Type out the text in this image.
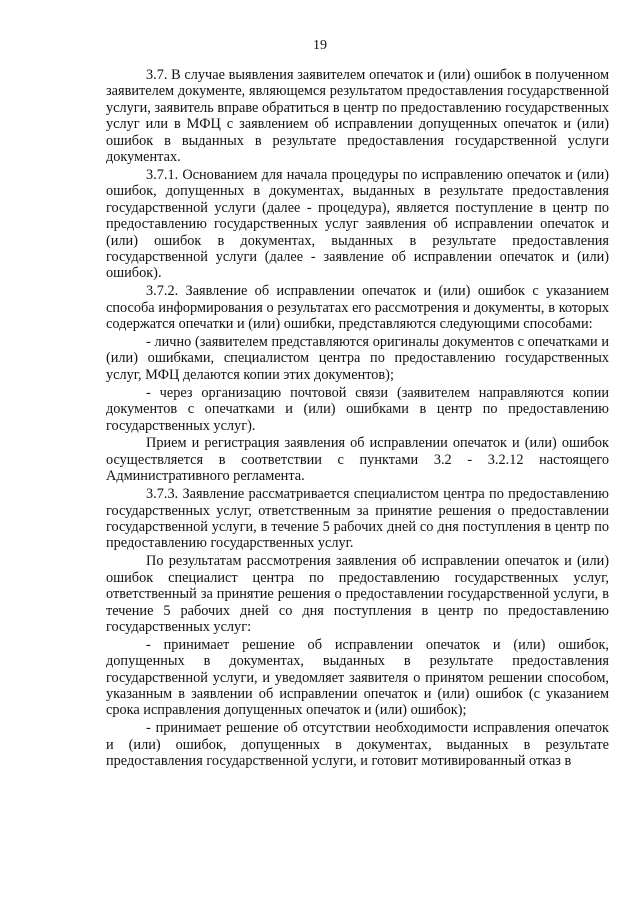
19

3.7. В случае выявления заявителем опечаток и (или) ошибок в полученном заявителем документе, являющемся результатом предоставления государственной услуги, заявитель вправе обратиться в центр по предоставлению государственных услуг или в МФЦ с заявлением об исправлении допущенных опечаток и (или) ошибок в выданных в результате предоставления государственной услуги документах.

3.7.1. Основанием для начала процедуры по исправлению опечаток и (или) ошибок, допущенных в документах, выданных в результате предоставления государственной услуги (далее - процедура), является поступление в центр по предоставлению государственных услуг заявления об исправлении опечаток и (или) ошибок в документах, выданных в результате предоставления государственной услуги (далее - заявление об исправлении опечаток и (или) ошибок).

3.7.2. Заявление об исправлении опечаток и (или) ошибок с указанием способа информирования о результатах его рассмотрения и документы, в которых содержатся опечатки и (или) ошибки, представляются следующими способами:

- лично (заявителем представляются оригиналы документов с опечатками и (или) ошибками, специалистом центра по предоставлению государственных услуг, МФЦ делаются копии этих документов);

- через организацию почтовой связи (заявителем направляются копии документов с опечатками и (или) ошибками в центр по предоставлению государственных услуг).

Прием и регистрация заявления об исправлении опечаток и (или) ошибок осуществляется в соответствии с пунктами 3.2 - 3.2.12 настоящего Административного регламента.

3.7.3. Заявление рассматривается специалистом центра по предоставлению государственных услуг, ответственным за принятие решения о предоставлении государственной услуги, в течение 5 рабочих дней со дня поступления в центр по предоставлению государственных услуг.

По результатам рассмотрения заявления об исправлении опечаток и (или) ошибок специалист центра по предоставлению государственных услуг, ответственный за принятие решения о предоставлении государственной услуги, в течение 5 рабочих дней со дня поступления в центр по предоставлению государственных услуг:

- принимает решение об исправлении опечаток и (или) ошибок, допущенных в документах, выданных в результате предоставления государственной услуги, и уведомляет заявителя о принятом решении способом, указанным в заявлении об исправлении опечаток и (или) ошибок (с указанием срока исправления допущенных опечаток и (или) ошибок);

- принимает решение об отсутствии необходимости исправления опечаток и (или) ошибок, допущенных в документах, выданных в результате предоставления государственной услуги, и готовит мотивированный отказ в
